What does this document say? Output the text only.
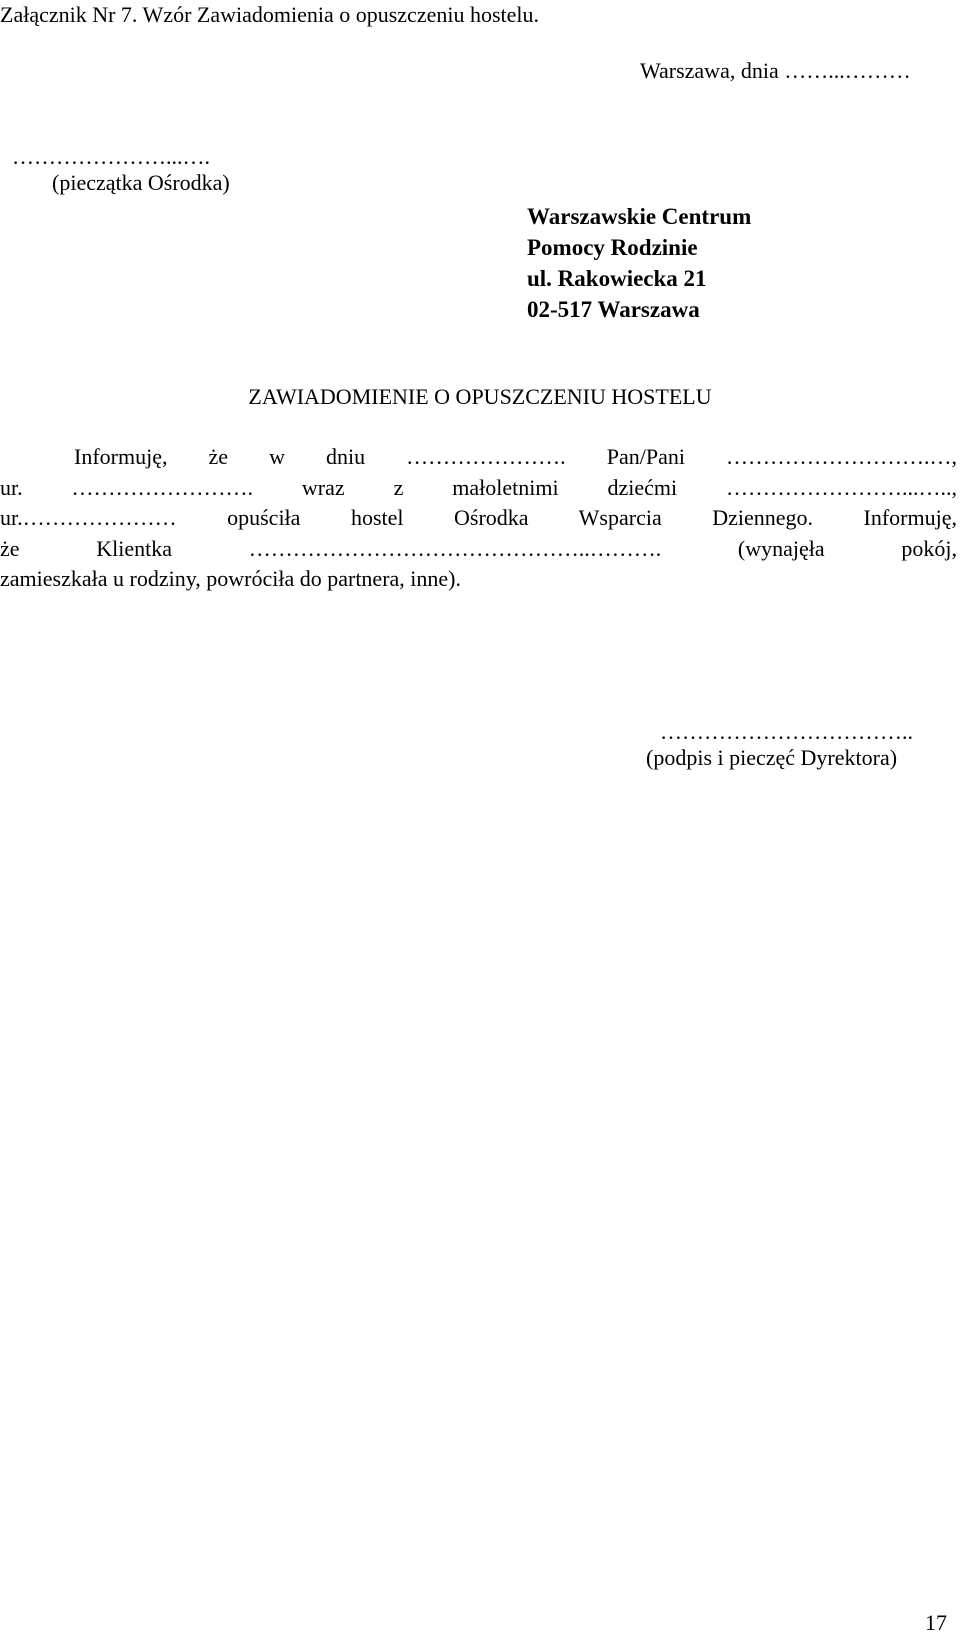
Załącznik Nr 7. Wzór Zawiadomienia o opuszczeniu hostelu.
Warszawa, dnia ……...………
…………………...….
(pieczątka Ośrodka)
Warszawskie Centrum
Pomocy Rodzinie
ul. Rakowiecka 21
02-517 Warszawa
ZAWIADOMIENIE O OPUSZCZENIU HOSTELU
Informuję, że w dniu …………………. Pan/Pani ……………………….…,
ur. ……………………. wraz z małoletnimi dziećmi ……………………...…..,
ur.………………… opuściła hostel Ośrodka Wsparcia Dziennego. Informuję,
że Klientka ………………………………………..………. (wynajęła pokój,
zamieszkała u rodziny, powróciła do partnera, inne).
……………………………..
(podpis i pieczęć Dyrektora)
17
